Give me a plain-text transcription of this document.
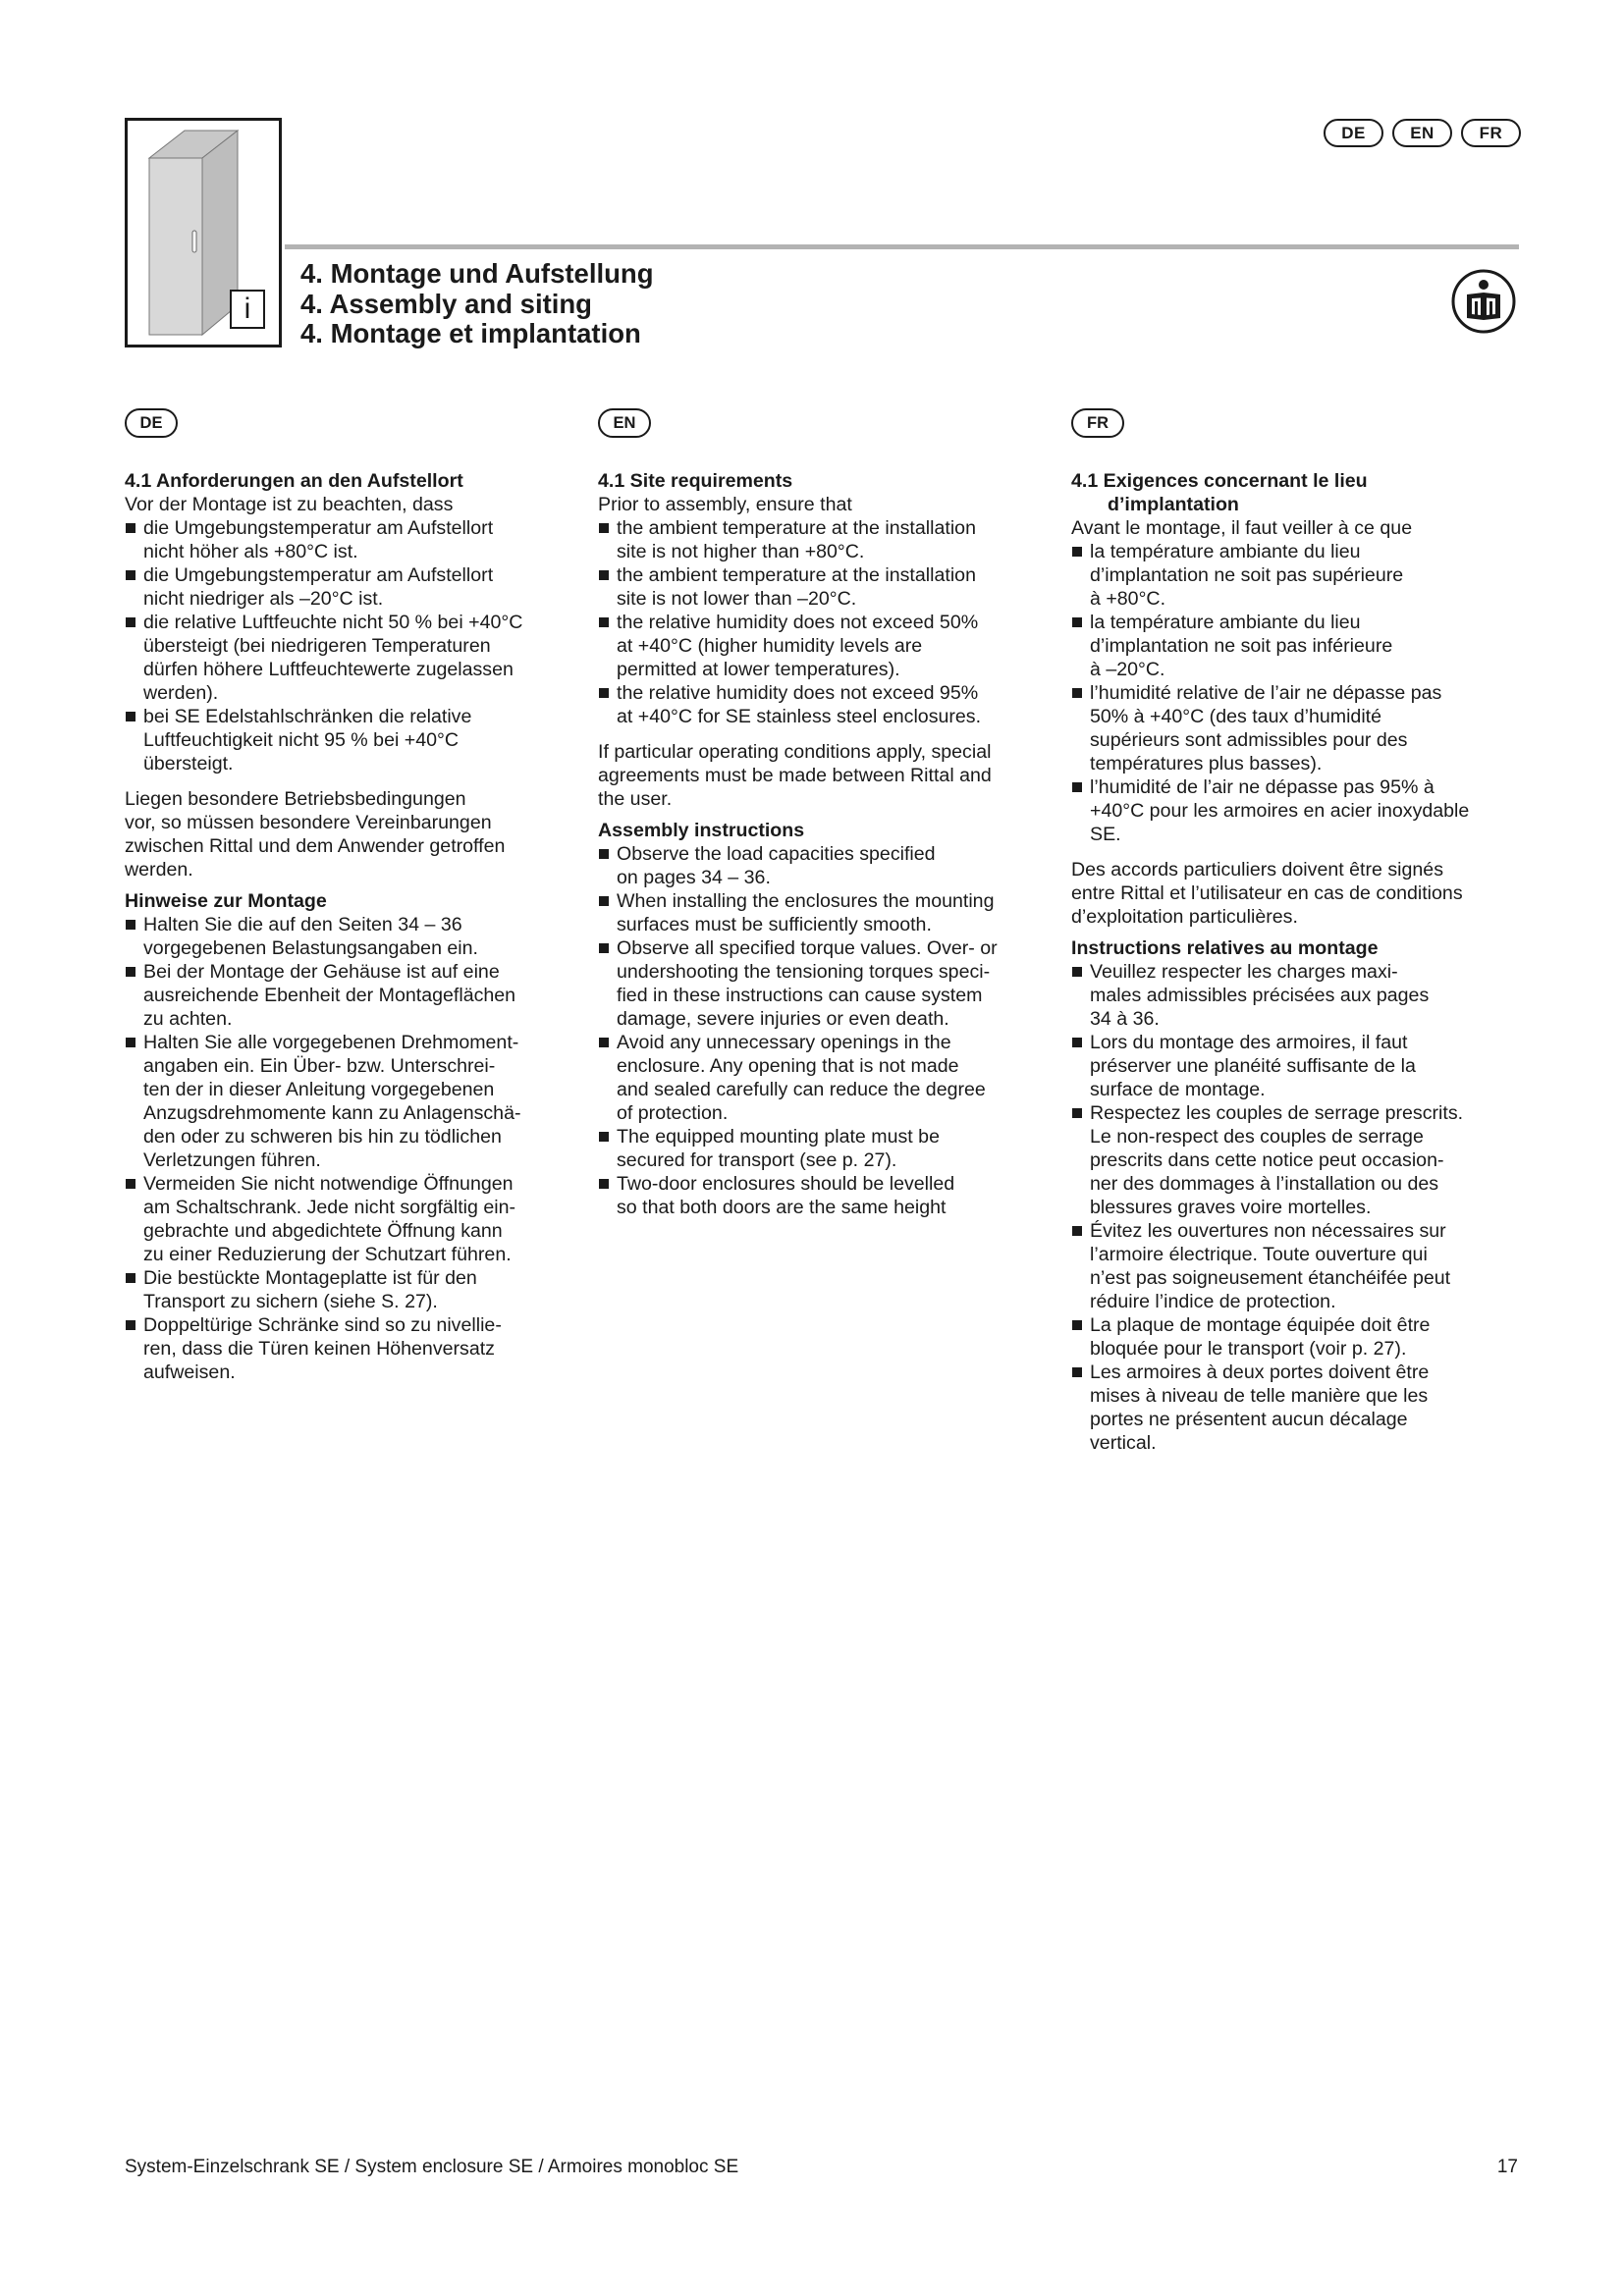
i
DE	EN	FR
4. Montage und Aufstellung
4. Assembly and siting
4. Montage et implantation
DE
4.1 Anforderungen an den Aufstellort

Vor der Montage ist zu beachten, dass

die Umgebungstemperatur am Aufstellort
nicht höher als +80°C ist.
die Umgebungstemperatur am Aufstellort
nicht niedriger als –20°C ist.
die relative Luftfeuchte nicht 50 % bei +40°C
übersteigt (bei niedrigeren Temperaturen
dürfen höhere Luftfeuchtewerte zugelassen
werden).
bei SE Edelstahlschränken die relative
Luftfeuchtigkeit nicht 95 % bei +40°C
übersteigt.

Liegen besondere Betriebsbedingungen
vor, so müssen besondere Vereinbarungen
zwischen Rittal und dem Anwender getroffen
werden.

Hinweise zur Montage
Halten Sie die auf den Seiten 34 – 36
vorgegebenen Belastungsangaben ein.
Bei der Montage der Gehäuse ist auf eine
ausreichende Ebenheit der Montageflächen
zu achten.
Halten Sie alle vorgegebenen Drehmoment-
angaben ein. Ein Über- bzw. Unterschrei-
ten der in dieser Anleitung vorgegebenen
Anzugsdrehmomente kann zu Anlagenschä-
den oder zu schweren bis hin zu tödlichen
Verletzungen führen.
Vermeiden Sie nicht notwendige Öffnungen
am Schaltschrank. Jede nicht sorgfältig ein-
gebrachte und abgedichtete Öffnung kann
zu einer Reduzierung der Schutzart führen.
Die bestückte Montageplatte ist für den
Transport zu sichern (siehe S. 27).
Doppeltürige Schränke sind so zu nivellie-
ren, dass die Türen keinen Höhenversatz
aufweisen.
EN
4.1 Site requirements

Prior to assembly, ensure that

the ambient temperature at the installation
site is not higher than +80°C.
the ambient temperature at the installation
site is not lower than –20°C.
the relative humidity does not exceed 50%
at +40°C (higher humidity levels are
permitted at lower temperatures).
the relative humidity does not exceed 95%
at +40°C for SE stainless steel enclosures.

If particular operating conditions apply, special
agreements must be made between Rittal and
the user.

Assembly instructions
Observe the load capacities specified
on pages 34 – 36.
When installing the enclosures the mounting
surfaces must be sufficiently smooth.
Observe all specified torque values. Over- or
undershooting the tensioning torques speci-
fied in these instructions can cause system
damage, severe injuries or even death.
Avoid any unnecessary openings in the
enclosure. Any opening that is not made
and sealed carefully can reduce the degree
of protection.
The equipped mounting plate must be
secured for transport (see p. 27).
Two-door enclosures should be levelled
so that both doors are the same height
FR
4.1 Exigences concernant le lieu
d’implantation

Avant le montage, il faut veiller à ce que

la température ambiante du lieu
d’implantation ne soit pas supérieure
à +80°C.
la température ambiante du lieu
d’implantation ne soit pas inférieure
à –20°C.
l’humidité relative de l’air ne dépasse pas
50% à +40°C (des taux d’humidité
supérieurs sont admissibles pour des
températures plus basses).
l’humidité de l’air ne dépasse pas 95% à
+40°C pour les armoires en acier inoxydable
SE.

Des accords particuliers doivent être signés
entre Rittal et l’utilisateur en cas de conditions
d’exploitation particulières.

Instructions relatives au montage
Veuillez respecter les charges maxi-
males admissibles précisées aux pages
34 à 36.
Lors du montage des armoires, il faut
préserver une planéité suffisante de la
surface de montage.
Respectez les couples de serrage prescrits.
Le non-respect des couples de serrage
prescrits dans cette notice peut occasion-
ner des dommages à l’installation ou des
blessures graves voire mortelles.
Évitez les ouvertures non nécessaires sur
l’armoire électrique. Toute ouverture qui
n’est pas soigneusement étanchéifée peut
réduire l’indice de protection.
La plaque de montage équipée doit être
bloquée pour le transport (voir p. 27).
Les armoires à deux portes doivent être
mises à niveau de telle manière que les
portes ne présentent aucun décalage
vertical.
System-Einzelschrank SE / System enclosure SE / Armoires monobloc SE	17
